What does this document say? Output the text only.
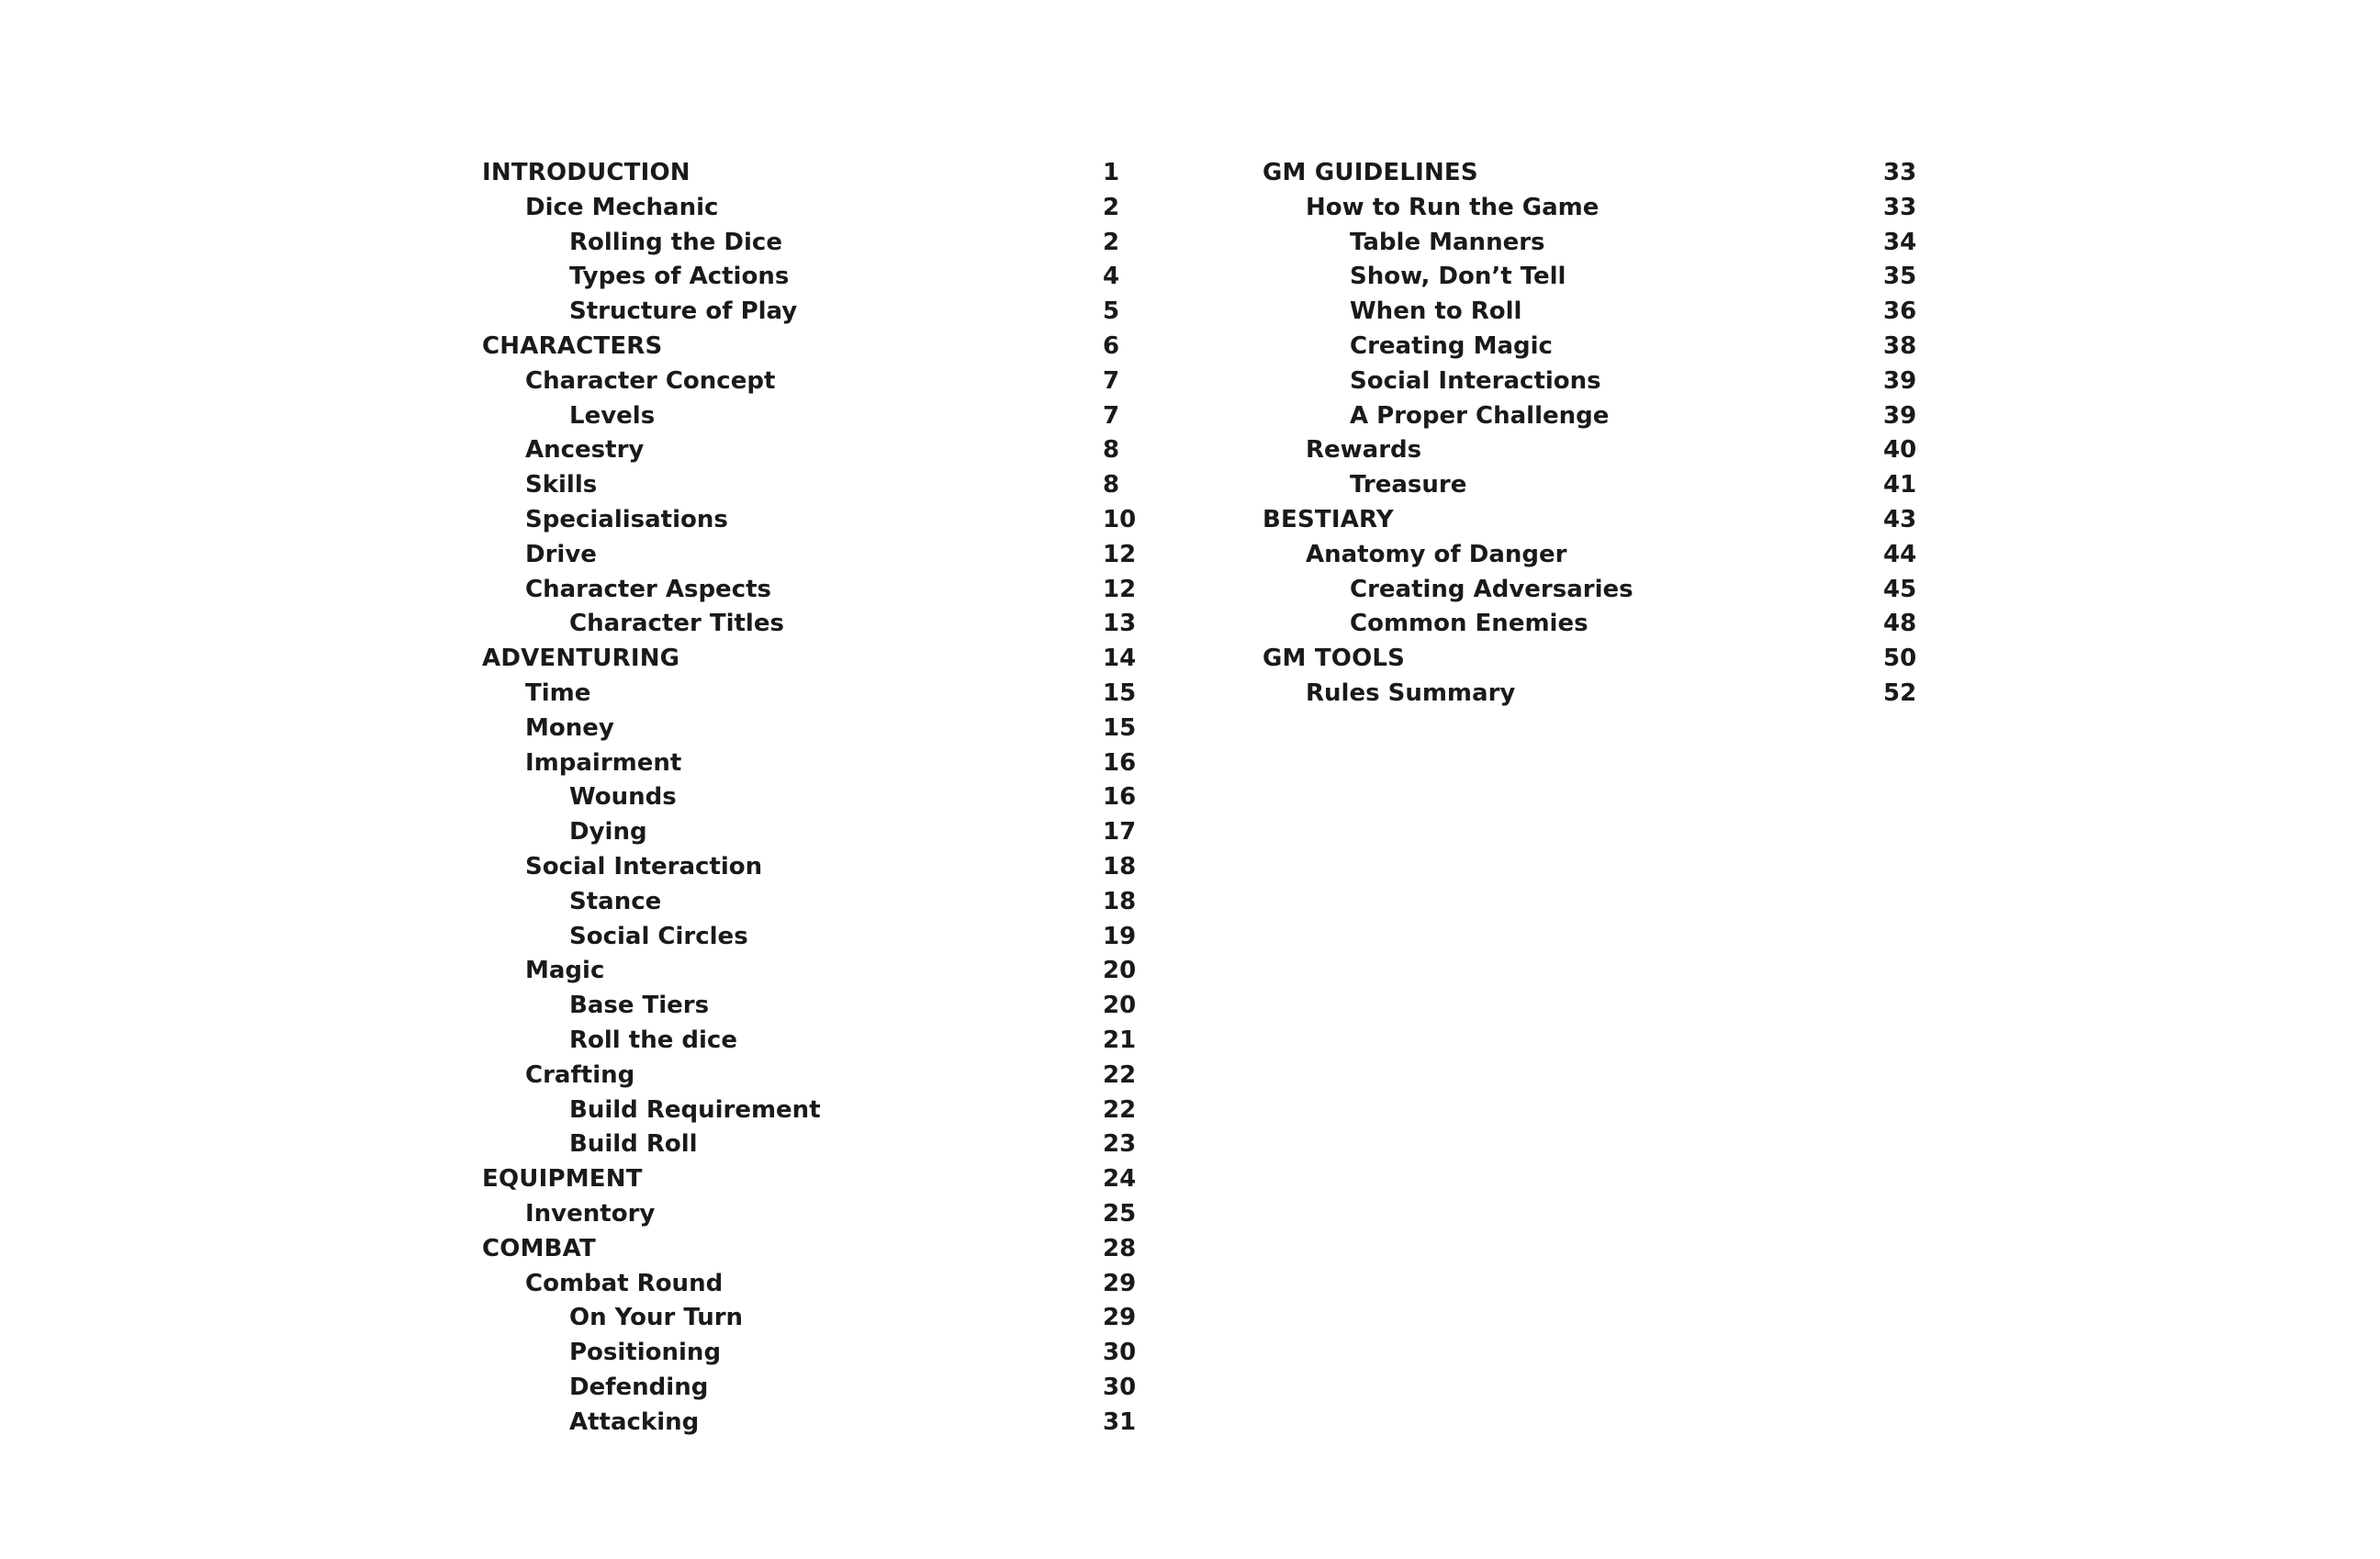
INTRODUCTION	1
Dice Mechanic	2
Rolling the Dice	2
Types of Actions	4
Structure of Play	5
CHARACTERS	6
Character Concept	7
Levels	7
Ancestry	8
Skills	8
Specialisations	10
Drive	12
Character Aspects	12
Character Titles	13
ADVENTURING	14
Time	15
Money	15
Impairment	16
Wounds	16
Dying	17
Social Interaction	18
Stance	18
Social Circles	19
Magic	20
Base Tiers	20
Roll the dice	21
Crafting	22
Build Requirement	22
Build Roll	23
EQUIPMENT	24
Inventory	25
COMBAT	28
Combat Round	29
On Your Turn	29
Positioning	30
Defending	30
Attacking	31
GM GUIDELINES	33
How to Run the Game	33
Table Manners	34
Show, Don’t Tell	35
When to Roll	36
Creating Magic	38
Social Interactions	39
A Proper Challenge	39
Rewards	40
Treasure	41
BESTIARY	43
Anatomy of Danger	44
Creating Adversaries	45
Common Enemies	48
GM TOOLS	50
Rules Summary	52
